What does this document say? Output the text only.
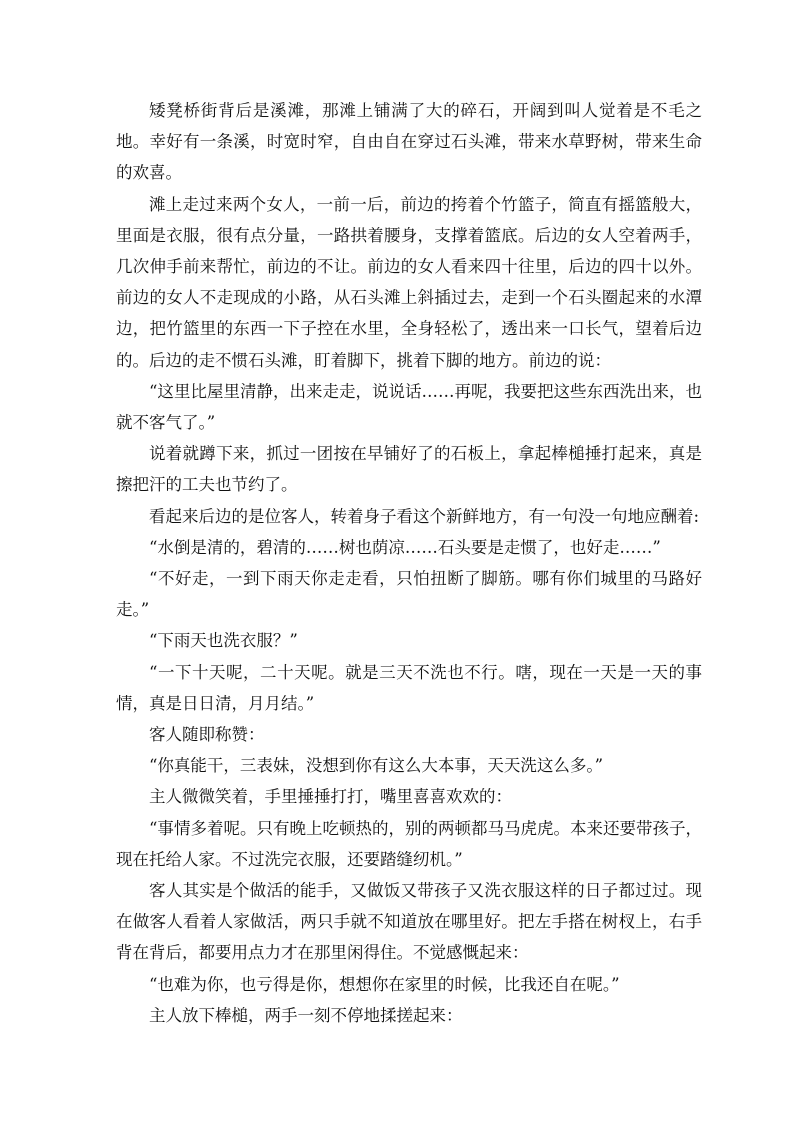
矮凳桥街背后是溪滩，那滩上铺满了大的碎石，开阔到叫人觉着是不毛之地。幸好有一条溪，时宽时窄，自由自在穿过石头滩，带来水草野树，带来生命的欢喜。

滩上走过来两个女人，一前一后，前边的挎着个竹篮子，简直有摇篮般大，里面是衣服，很有点分量，一路拱着腰身，支撑着篮底。后边的女人空着两手，几次伸手前来帮忙，前边的不让。前边的女人看来四十往里，后边的四十以外。前边的女人不走现成的小路，从石头滩上斜插过去，走到一个石头圈起来的水潭边，把竹篮里的东西一下子控在水里，全身轻松了，透出来一口长气，望着后边的。后边的走不惯石头滩，盯着脚下，挑着下脚的地方。前边的说：

“这里比屋里清静，出来走走，说说话……再呢，我要把这些东西洗出来，也就不客气了。”

说着就蹲下来，抓过一团按在早铺好了的石板上，拿起棒槌捶打起来，真是擦把汗的工夫也节约了。

看起来后边的是位客人，转着身子看这个新鲜地方，有一句没一句地应酬着:

“水倒是清的，碧清的……树也荫凉……石头要是走惯了，也好走……”

“不好走，一到下雨天你走走看，只怕扭断了脚筋。哪有你们城里的马路好走。”

“下雨天也洗衣服？”

“一下十天呢，二十天呢。就是三天不洗也不行。嗐，现在一天是一天的事情，真是日日清，月月结。”

客人随即称赞：

“你真能干，三表妹，没想到你有这么大本事，天天洗这么多。”

主人微微笑着，手里捶捶打打，嘴里喜喜欢欢的：

“事情多着呢。只有晚上吃顿热的，别的两顿都马马虎虎。本来还要带孩子，现在托给人家。不过洗完衣服，还要踏缝纫机。”

客人其实是个做活的能手，又做饭又带孩子又洗衣服这样的日子都过过。现在做客人看着人家做活，两只手就不知道放在哪里好。把左手搭在树杈上，右手背在背后，都要用点力才在那里闲得住。不觉感慨起来：

“也难为你，也亏得是你，想想你在家里的时候，比我还自在呢。”

主人放下棒槌，两手一刻不停地揉搓起来：
